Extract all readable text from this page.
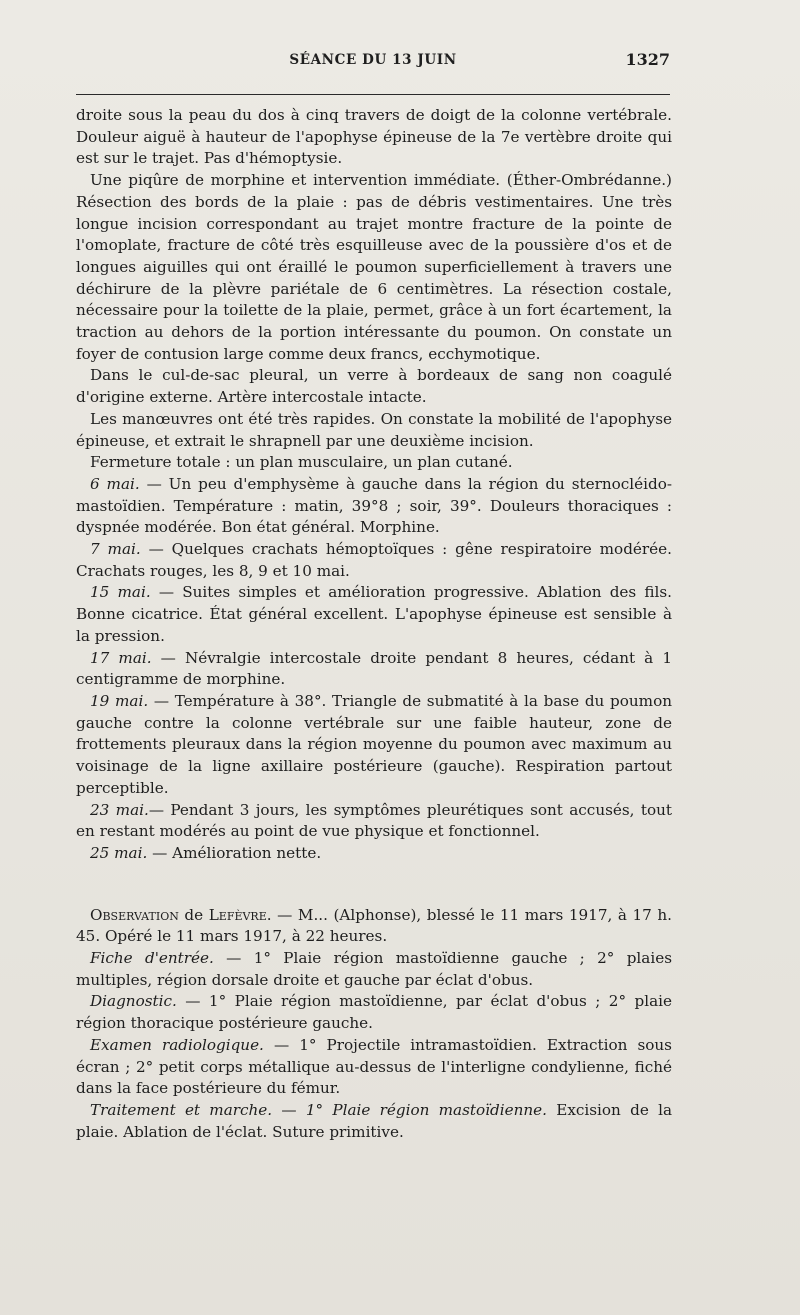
SÉANCE DU 13 JUIN	1327

droite sous la peau du dos à cinq travers de doigt de la colonne vertébrale. Douleur aiguë à hauteur de l'apophyse épineuse de la 7e vertèbre droite qui est sur le trajet. Pas d'hémoptysie.

Une piqûre de morphine et intervention immédiate. (Éther-Ombrédanne.) Résection des bords de la plaie : pas de débris vestimentaires. Une très longue incision correspondant au trajet montre fracture de la pointe de l'omoplate, fracture de côté très esquilleuse avec de la poussière d'os et de longues aiguilles qui ont éraillé le poumon superficiellement à travers une déchirure de la plèvre pariétale de 6 centimètres. La résection costale, nécessaire pour la toilette de la plaie, permet, grâce à un fort écartement, la traction au dehors de la portion intéressante du poumon. On constate un foyer de contusion large comme deux francs, ecchymotique.

Dans le cul-de-sac pleural, un verre à bordeaux de sang non coagulé d'origine externe. Artère intercostale intacte.

Les manœuvres ont été très rapides. On constate la mobilité de l'apophyse épineuse, et extrait le shrapnell par une deuxième incision.

Fermeture totale : un plan musculaire, un plan cutané.

6 mai. — Un peu d'emphysème à gauche dans la région du sternocléido-mastoïdien. Température : matin, 39°8 ; soir, 39°. Douleurs thoraciques : dyspnée modérée. Bon état général. Morphine.

7 mai. — Quelques crachats hémoptoïques : gêne respiratoire modérée. Crachats rouges, les 8, 9 et 10 mai.

15 mai. — Suites simples et amélioration progressive. Ablation des fils. Bonne cicatrice. État général excellent. L'apophyse épineuse est sensible à la pression.

17 mai. — Névralgie intercostale droite pendant 8 heures, cédant à 1 centigramme de morphine.

19 mai. — Température à 38°. Triangle de submatité à la base du poumon gauche contre la colonne vertébrale sur une faible hauteur, zone de frottements pleuraux dans la région moyenne du poumon avec maximum au voisinage de la ligne axillaire postérieure (gauche). Respiration partout perceptible.

23 mai.— Pendant 3 jours, les symptômes pleurétiques sont accusés, tout en restant modérés au point de vue physique et fonctionnel.

25 mai. — Amélioration nette.

Observation de Lefèvre. — M... (Alphonse), blessé le 11 mars 1917, à 17 h. 45. Opéré le 11 mars 1917, à 22 heures.

Fiche d'entrée. — 1° Plaie région mastoïdienne gauche ; 2° plaies multiples, région dorsale droite et gauche par éclat d'obus.

Diagnostic. — 1° Plaie région mastoïdienne, par éclat d'obus ; 2° plaie région thoracique postérieure gauche.

Examen radiologique. — 1° Projectile intramastoïdien. Extraction sous écran ; 2° petit corps métallique au-dessus de l'interligne condylienne, fiché dans la face postérieure du fémur.

Traitement et marche. — 1° Plaie région mastoïdienne. Excision de la plaie. Ablation de l'éclat. Suture primitive.
